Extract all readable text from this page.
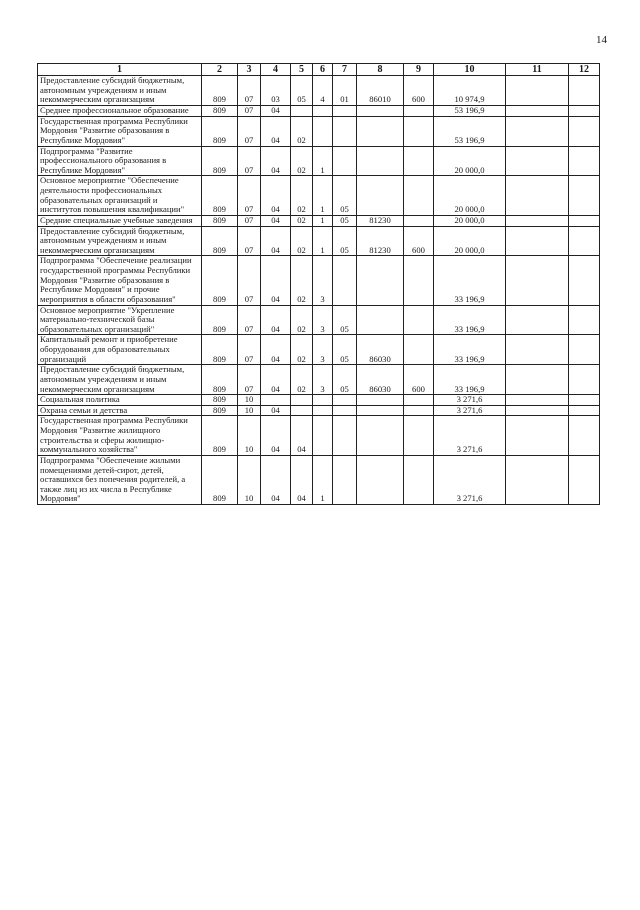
14
1	2	3	4	5	6	7	8	9	10	11	12
Предоставление субсидий бюджетным, автономным учреждениям и иным некоммерческим организациям	809	07	03	05	4	01	86010	600	10 974,9		
Среднее профессиональное образование	809	07	04						53 196,9		
Государственная программа Республики Мордовия "Развитие образования в Республике Мордовия"	809	07	04	02					53 196,9		
Подпрограмма "Развитие профессионального образования в Республике Мордовия"	809	07	04	02	1				20 000,0		
Основное мероприятие "Обеспечение деятельности профессиональных образовательных организаций и институтов повышения квалификации"	809	07	04	02	1	05			20 000,0		
Средние специальные учебные заведения	809	07	04	02	1	05	81230		20 000,0		
Предоставление субсидий бюджетным, автономным учреждениям и иным некоммерческим организациям	809	07	04	02	1	05	81230	600	20 000,0		
Подпрограмма "Обеспечение реализации государственной программы Республики Мордовия "Развитие образования в Республике Мордовия" и прочие мероприятия в области образования"	809	07	04	02	3				33 196,9		
Основное мероприятие "Укрепление материально-технической базы образовательных организаций"	809	07	04	02	3	05			33 196,9		
Капитальный ремонт и приобретение оборудования для образовательных организаций	809	07	04	02	3	05	86030		33 196,9		
Предоставление субсидий бюджетным, автономным учреждениям и иным некоммерческим организациям	809	07	04	02	3	05	86030	600	33 196,9		
Социальная политика	809	10							3 271,6		
Охрана семьи и детства	809	10	04						3 271,6		
Государственная программа Республики Мордовия "Развитие жилищного строительства и сферы жилищно-коммунального хозяйства"	809	10	04	04					3 271,6		
Подпрограмма "Обеспечение жилыми помещениями детей-сирот, детей, оставшихся без попечения родителей, а также лиц из их числа в Республике Мордовия"	809	10	04	04	1				3 271,6		
